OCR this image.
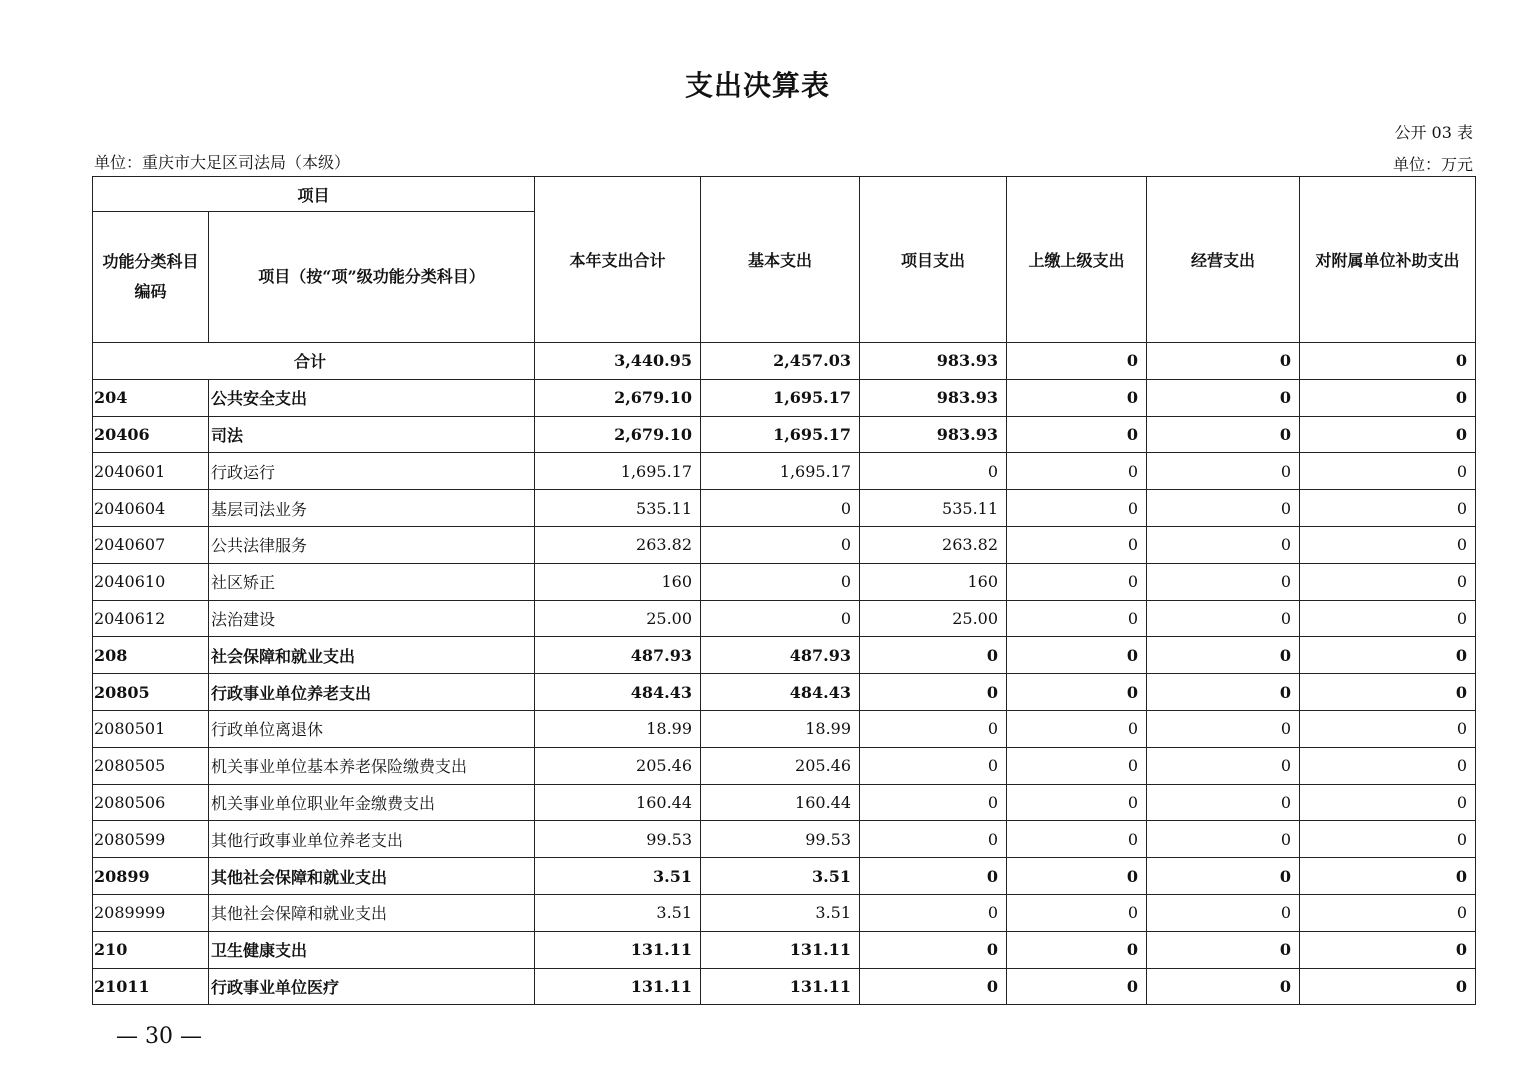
支出决算表
公开 03 表
单位：重庆市大足区司法局（本级）	单位：万元
项目		本年支出合计	基本支出	项目支出	上缴上级支出	经营支出	对附属单位补助支出
功能分类科目编码	项目（按“项”级功能分类科目）						
合计		3,440.95	2,457.03	983.93	0	0	0
204	公共安全支出	2,679.10	1,695.17	983.93	0	0	0
20406	司法	2,679.10	1,695.17	983.93	0	0	0
2040601	行政运行	1,695.17	1,695.17	0	0	0	0
2040604	基层司法业务	535.11	0	535.11	0	0	0
2040607	公共法律服务	263.82	0	263.82	0	0	0
2040610	社区矫正	160	0	160	0	0	0
2040612	法治建设	25.00	0	25.00	0	0	0
208	社会保障和就业支出	487.93	487.93	0	0	0	0
20805	行政事业单位养老支出	484.43	484.43	0	0	0	0
2080501	行政单位离退休	18.99	18.99	0	0	0	0
2080505	机关事业单位基本养老保险缴费支出	205.46	205.46	0	0	0	0
2080506	机关事业单位职业年金缴费支出	160.44	160.44	0	0	0	0
2080599	其他行政事业单位养老支出	99.53	99.53	0	0	0	0
20899	其他社会保障和就业支出	3.51	3.51	0	0	0	0
2089999	其他社会保障和就业支出	3.51	3.51	0	0	0	0
210	卫生健康支出	131.11	131.11	0	0	0	0
21011	行政事业单位医疗	131.11	131.11	0	0	0	0
— 30 —
